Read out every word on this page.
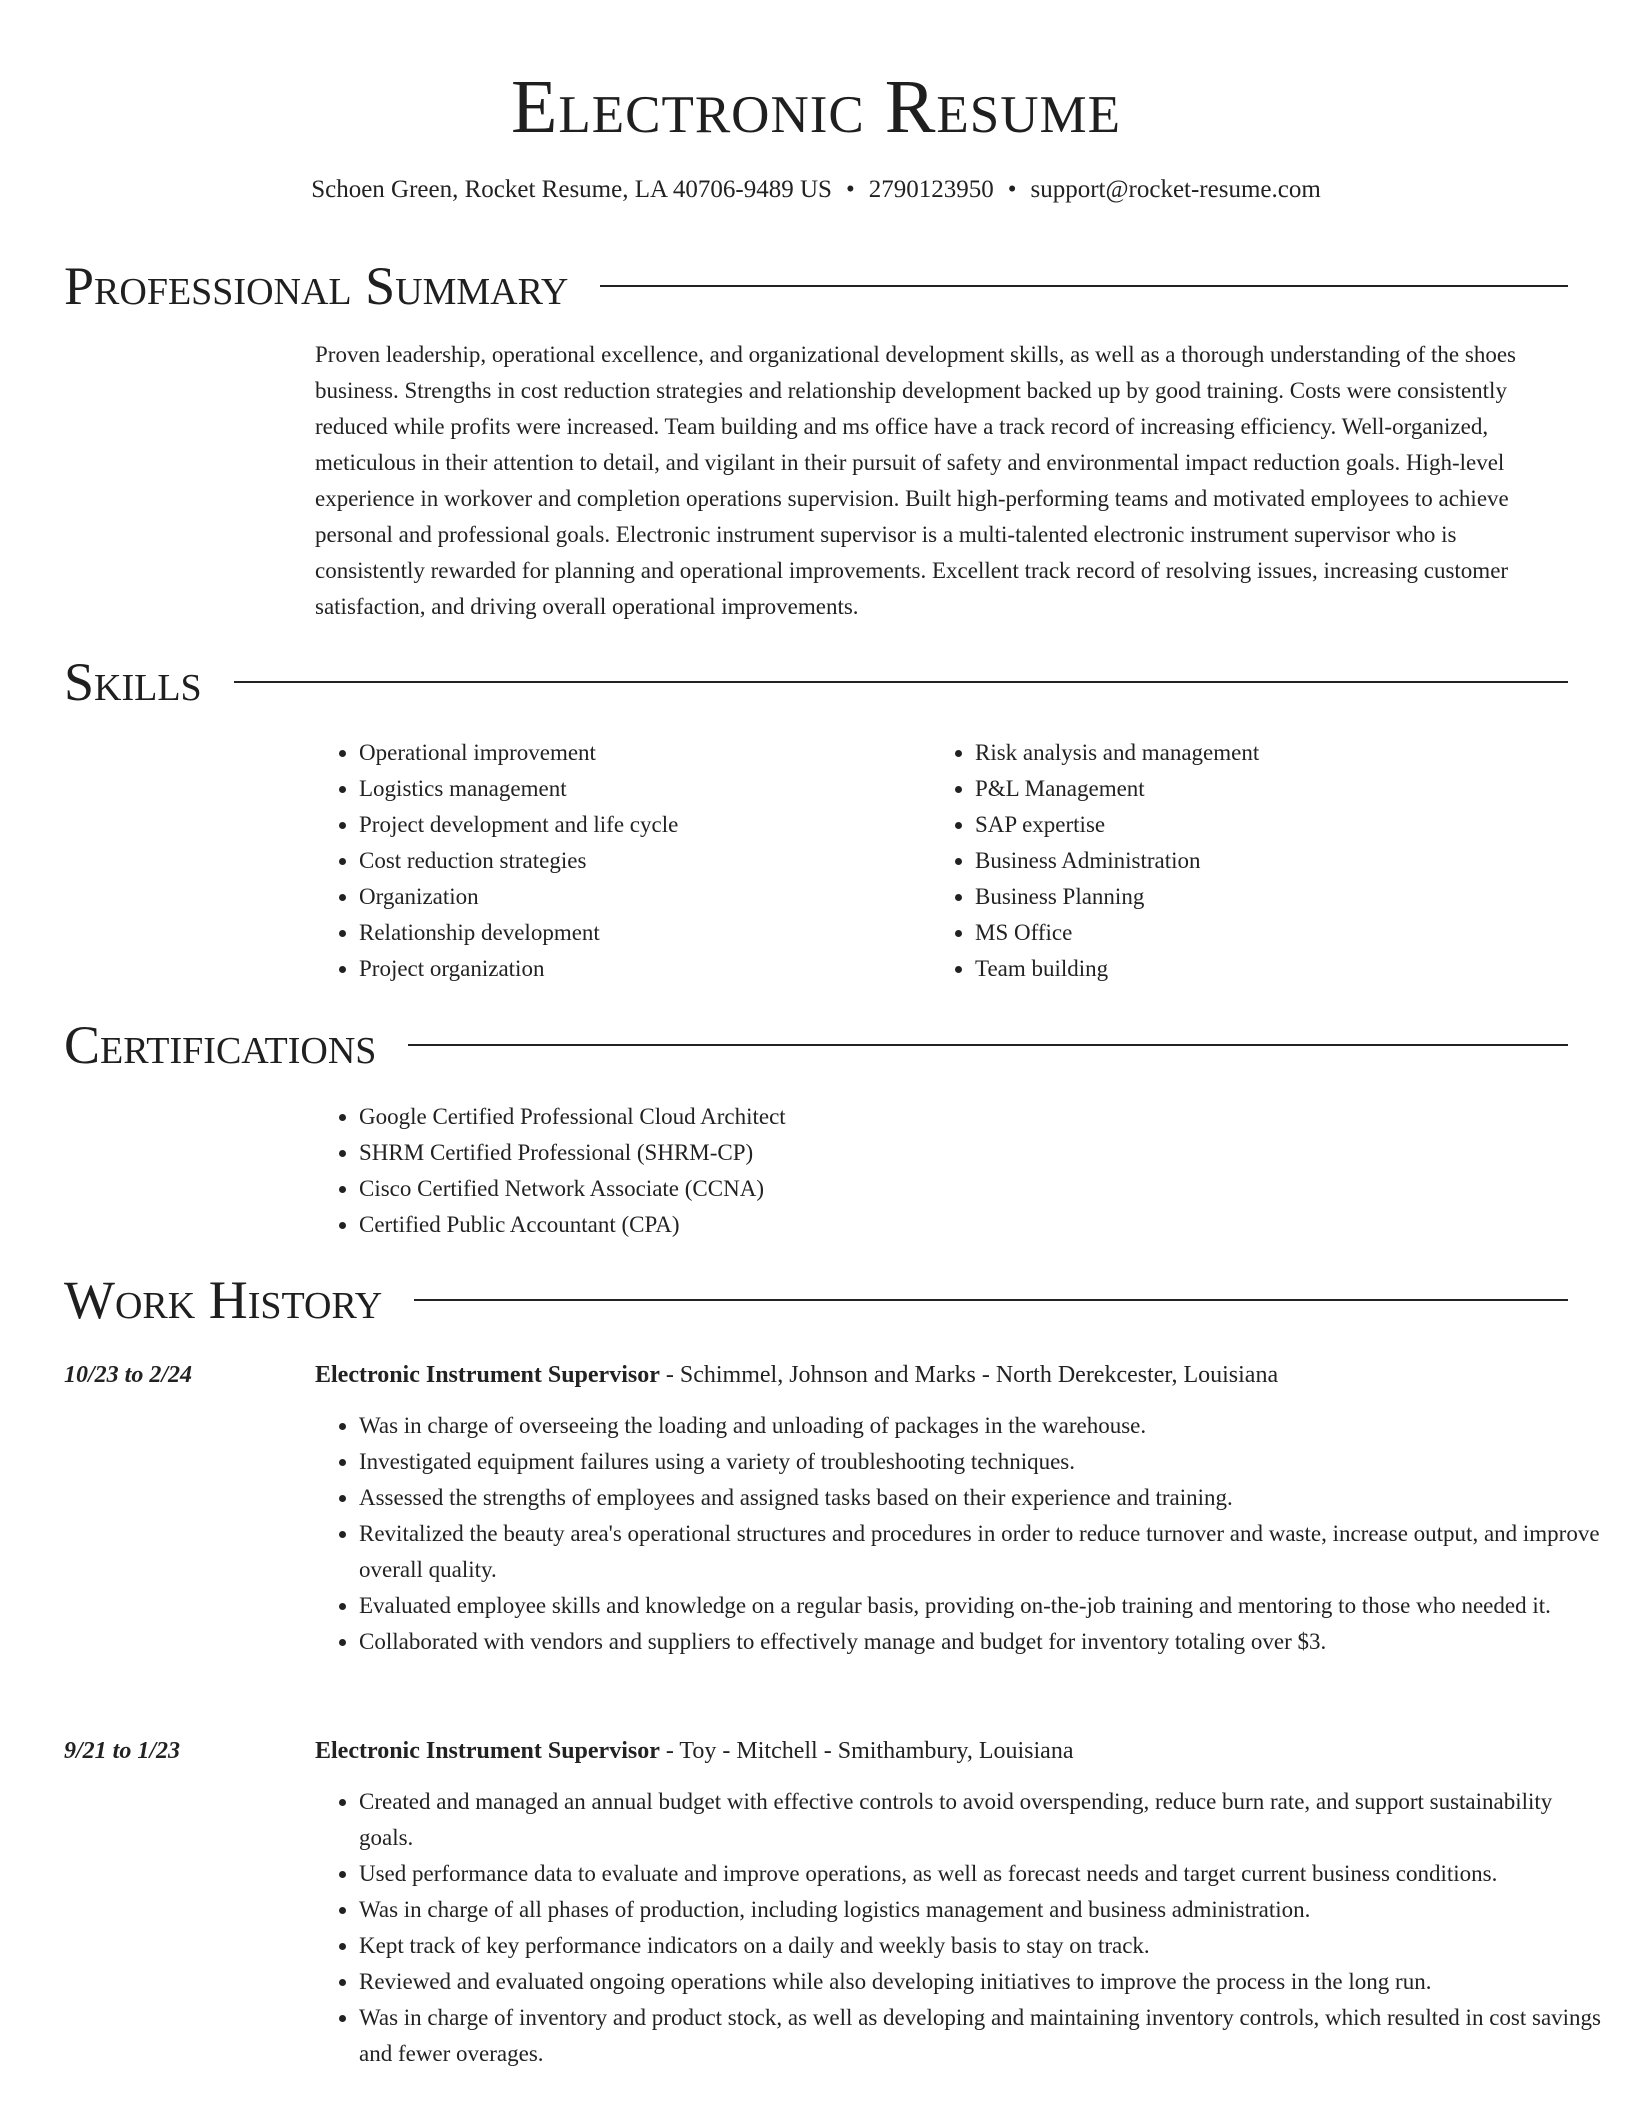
Electronic Resume
Schoen Green, Rocket Resume, LA 40706-9489 US • 2790123950 • support@rocket-resume.com
Professional Summary

Proven leadership, operational excellence, and organizational development skills, as well as a thorough understanding of the shoes business. Strengths in cost reduction strategies and relationship development backed up by good training. Costs were consistently reduced while profits were increased. Team building and ms office have a track record of increasing efficiency. Well-organized, meticulous in their attention to detail, and vigilant in their pursuit of safety and environmental impact reduction goals. High-level experience in workover and completion operations supervision. Built high-performing teams and motivated employees to achieve personal and professional goals. Electronic instrument supervisor is a multi-talented electronic instrument supervisor who is consistently rewarded for planning and operational improvements. Excellent track record of resolving issues, increasing customer satisfaction, and driving overall operational improvements.

Skills
• Operational improvement
• Logistics management
• Project development and life cycle
• Cost reduction strategies
• Organization
• Relationship development
• Project organization
• Risk analysis and management
• P&L Management
• SAP expertise
• Business Administration
• Business Planning
• MS Office
• Team building
Certifications
• Google Certified Professional Cloud Architect
• SHRM Certified Professional (SHRM-CP)
• Cisco Certified Network Associate (CCNA)
• Certified Public Accountant (CPA)
Work History
10/23 to 2/24	Electronic Instrument Supervisor - Schimmel, Johnson and Marks - North Derekcester, Louisiana
• Was in charge of overseeing the loading and unloading of packages in the warehouse.
• Investigated equipment failures using a variety of troubleshooting techniques.
• Assessed the strengths of employees and assigned tasks based on their experience and training.
• Revitalized the beauty area's operational structures and procedures in order to reduce turnover and waste, increase output, and improve overall quality.
• Evaluated employee skills and knowledge on a regular basis, providing on-the-job training and mentoring to those who needed it.
• Collaborated with vendors and suppliers to effectively manage and budget for inventory totaling over $3.
9/21 to 1/23	Electronic Instrument Supervisor - Toy - Mitchell - Smithambury, Louisiana
• Created and managed an annual budget with effective controls to avoid overspending, reduce burn rate, and support sustainability goals.
• Used performance data to evaluate and improve operations, as well as forecast needs and target current business conditions.
• Was in charge of all phases of production, including logistics management and business administration.
• Kept track of key performance indicators on a daily and weekly basis to stay on track.
• Reviewed and evaluated ongoing operations while also developing initiatives to improve the process in the long run.
• Was in charge of inventory and product stock, as well as developing and maintaining inventory controls, which resulted in cost savings and fewer overages.
